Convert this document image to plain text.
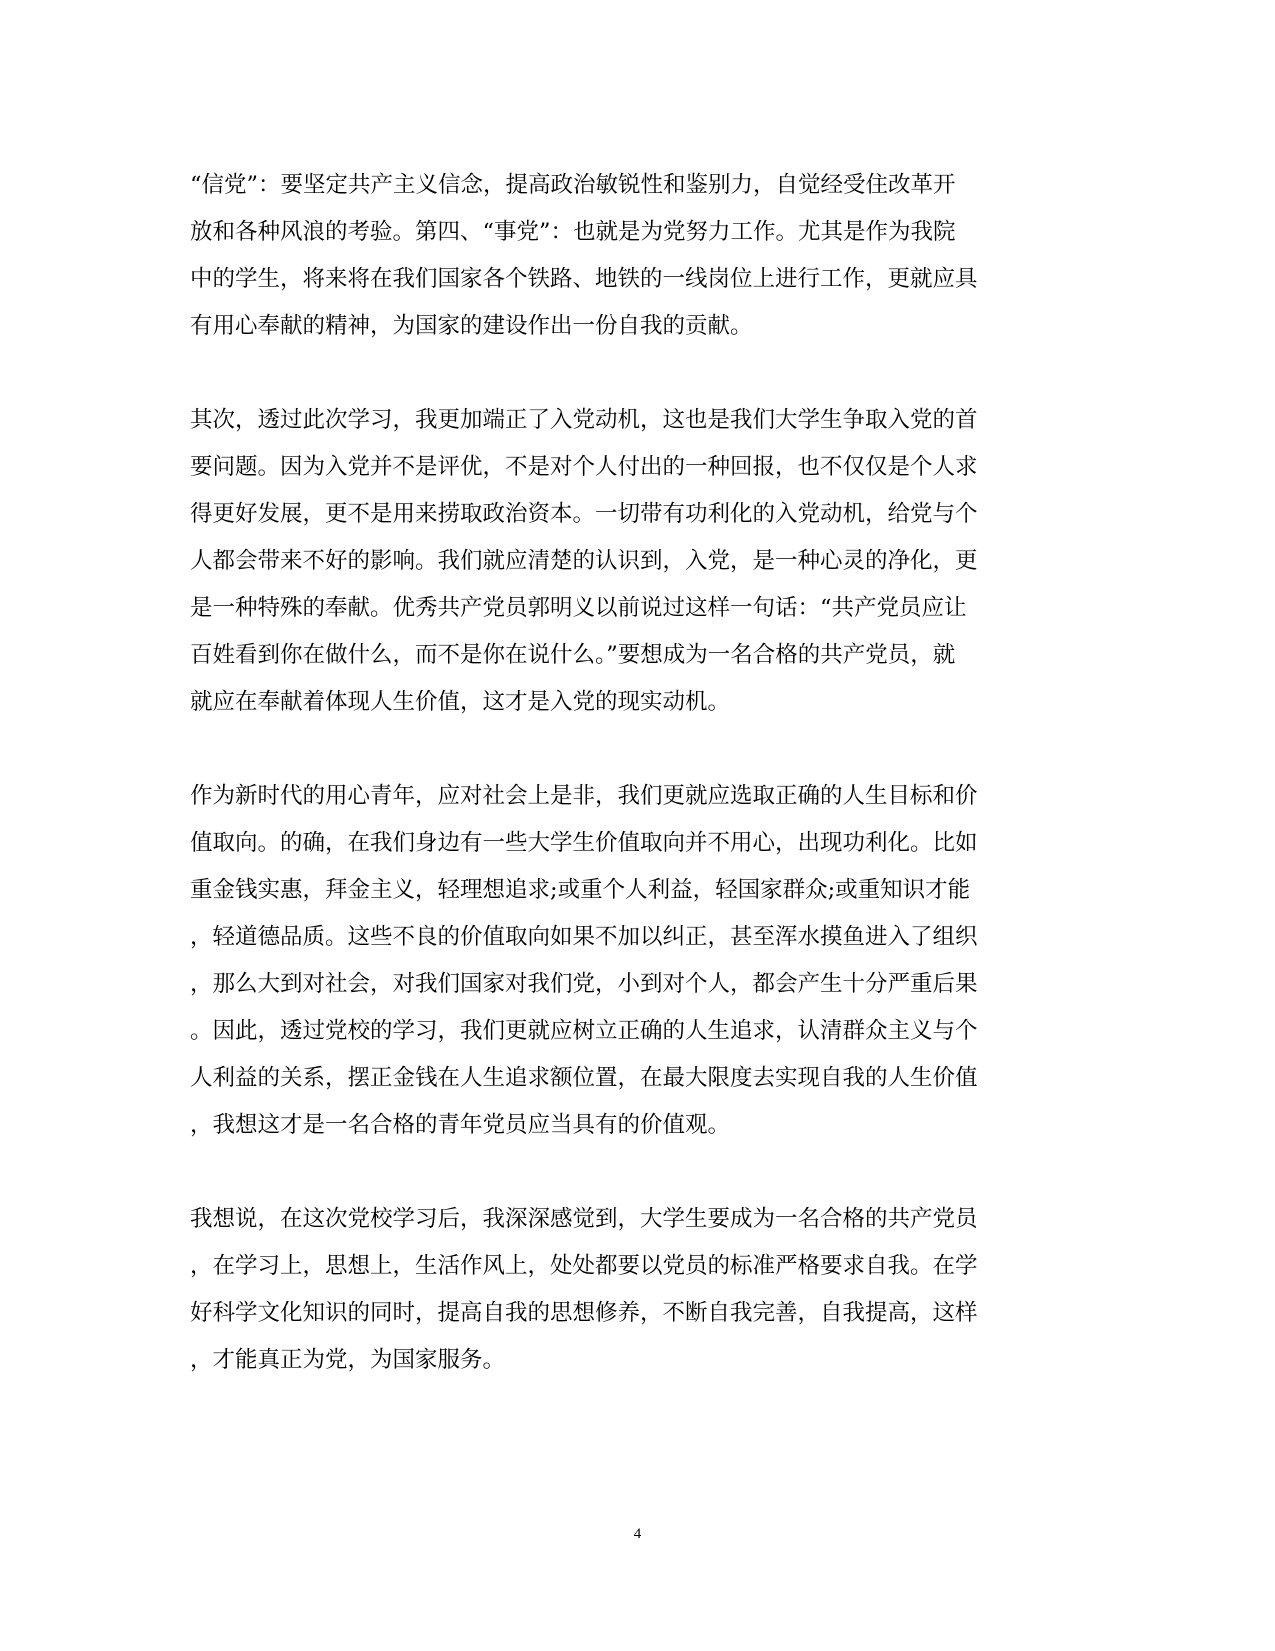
“信党”：要坚定共产主义信念，提高政治敏锐性和鉴别力，自觉经受住改革开
放和各种风浪的考验。第四、“事党”：也就是为党努力工作。尤其是作为我院
中的学生，将来将在我们国家各个铁路、地铁的一线岗位上进行工作，更就应具
有用心奉献的精神，为国家的建设作出一份自我的贡献。

其次，透过此次学习，我更加端正了入党动机，这也是我们大学生争取入党的首
要问题。因为入党并不是评优，不是对个人付出的一种回报，也不仅仅是个人求
得更好发展，更不是用来捞取政治资本。一切带有功利化的入党动机，给党与个
人都会带来不好的影响。我们就应清楚的认识到，入党，是一种心灵的净化，更
是一种特殊的奉献。优秀共产党员郭明义以前说过这样一句话：“共产党员应让
百姓看到你在做什么，而不是你在说什么。”要想成为一名合格的共产党员，就
就应在奉献着体现人生价值，这才是入党的现实动机。

作为新时代的用心青年，应对社会上是非，我们更就应选取正确的人生目标和价
值取向。的确，在我们身边有一些大学生价值取向并不用心，出现功利化。比如
重金钱实惠，拜金主义，轻理想追求;或重个人利益，轻国家群众;或重知识才能
，轻道德品质。这些不良的价值取向如果不加以纠正，甚至浑水摸鱼进入了组织
，那么大到对社会，对我们国家对我们党，小到对个人，都会产生十分严重后果
。因此，透过党校的学习，我们更就应树立正确的人生追求，认清群众主义与个
人利益的关系，摆正金钱在人生追求额位置，在最大限度去实现自我的人生价值
，我想这才是一名合格的青年党员应当具有的价值观。

我想说，在这次党校学习后，我深深感觉到，大学生要成为一名合格的共产党员
，在学习上，思想上，生活作风上，处处都要以党员的标准严格要求自我。在学
好科学文化知识的同时，提高自我的思想修养，不断自我完善，自我提高，这样
，才能真正为党，为国家服务。

4
